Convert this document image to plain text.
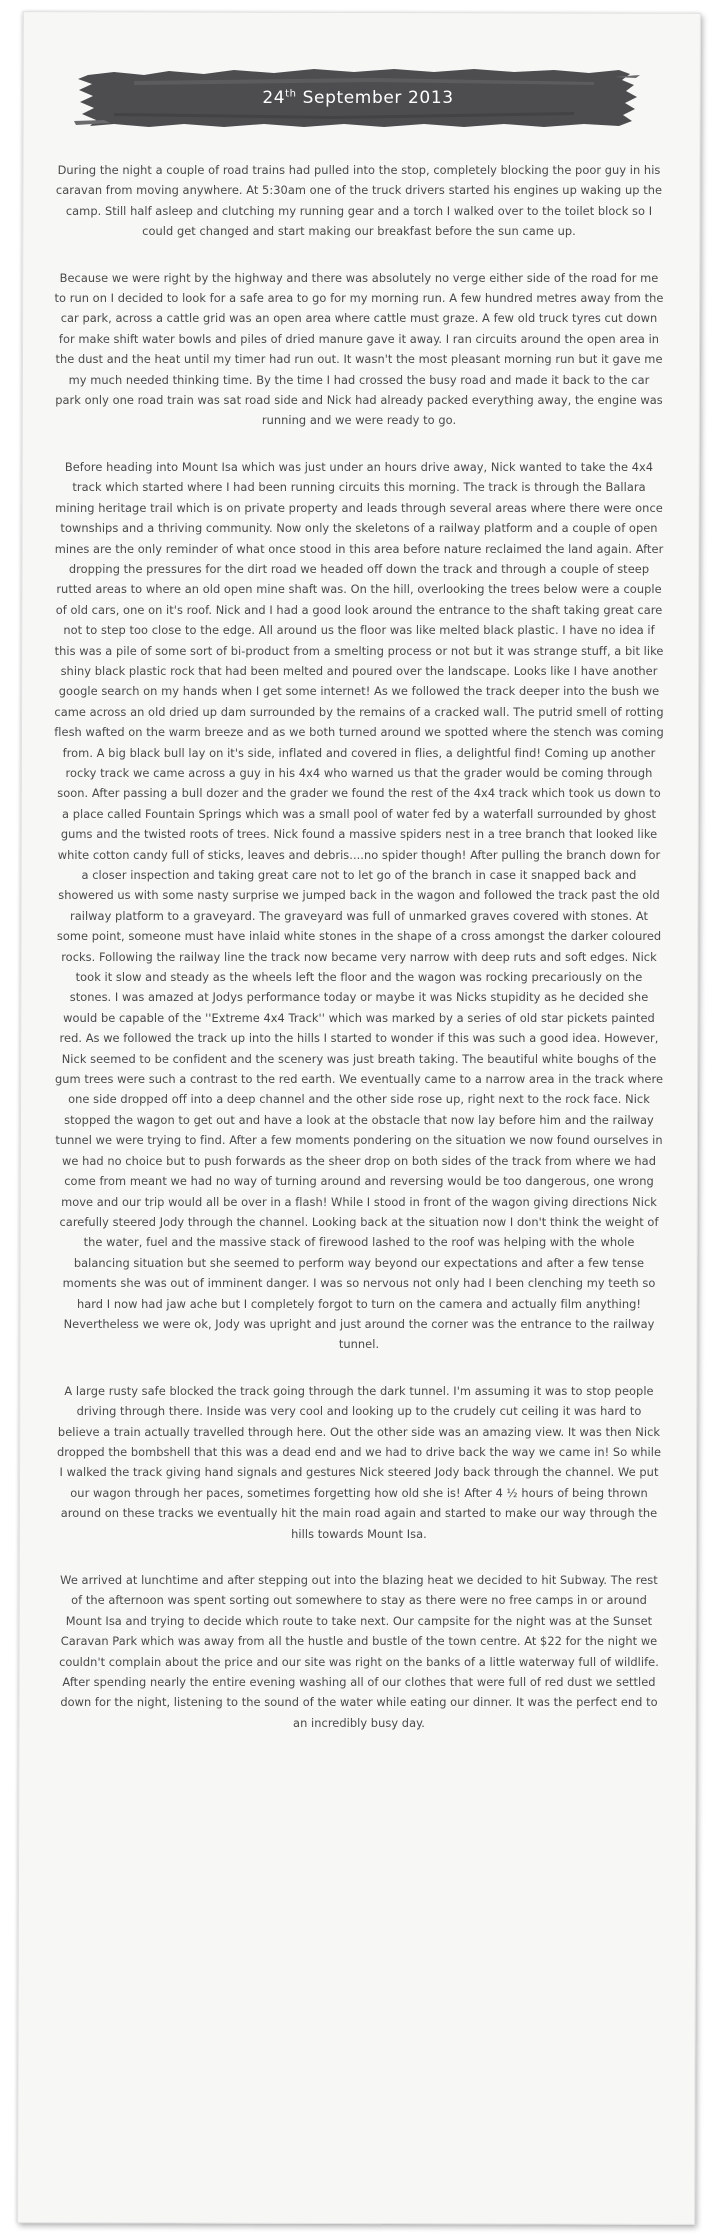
24th September 2013

During the night a couple of road trains had pulled into the stop, completely blocking the poor guy in his caravan from moving anywhere. At 5:30am one of the truck drivers started his engines up waking up the camp. Still half asleep and clutching my running gear and a torch I walked over to the toilet block so I could get changed and start making our breakfast before the sun came up.

Because we were right by the highway and there was absolutely no verge either side of the road for me to run on I decided to look for a safe area to go for my morning run. A few hundred metres away from the car park, across a cattle grid was an open area where cattle must graze. A few old truck tyres cut down for make shift water bowls and piles of dried manure gave it away. I ran circuits around the open area in the dust and the heat until my timer had run out. It wasn't the most pleasant morning run but it gave me my much needed thinking time. By the time I had crossed the busy road and made it back to the car park only one road train was sat road side and Nick had already packed everything away, the engine was running and we were ready to go.

Before heading into Mount Isa which was just under an hours drive away, Nick wanted to take the 4x4 track which started where I had been running circuits this morning. The track is through the Ballara mining heritage trail which is on private property and leads through several areas where there were once townships and a thriving community. Now only the skeletons of a railway platform and a couple of open mines are the only reminder of what once stood in this area before nature reclaimed the land again. After dropping the pressures for the dirt road we headed off down the track and through a couple of steep rutted areas to where an old open mine shaft was. On the hill, overlooking the trees below were a couple of old cars, one on it's roof. Nick and I had a good look around the entrance to the shaft taking great care not to step too close to the edge. All around us the floor was like melted black plastic. I have no idea if this was a pile of some sort of bi-product from a smelting process or not but it was strange stuff, a bit like shiny black plastic rock that had been melted and poured over the landscape. Looks like I have another google search on my hands when I get some internet! As we followed the track deeper into the bush we came across an old dried up dam surrounded by the remains of a cracked wall. The putrid smell of rotting flesh wafted on the warm breeze and as we both turned around we spotted where the stench was coming from. A big black bull lay on it's side, inflated and covered in flies, a delightful find! Coming up another rocky track we came across a guy in his 4x4 who warned us that the grader would be coming through soon. After passing a bull dozer and the grader we found the rest of the 4x4 track which took us down to a place called Fountain Springs which was a small pool of water fed by a waterfall surrounded by ghost gums and the twisted roots of trees. Nick found a massive spiders nest in a tree branch that looked like white cotton candy full of sticks, leaves and debris....no spider though! After pulling the branch down for a closer inspection and taking great care not to let go of the branch in case it snapped back and showered us with some nasty surprise we jumped back in the wagon and followed the track past the old railway platform to a graveyard. The graveyard was full of unmarked graves covered with stones. At some point, someone must have inlaid white stones in the shape of a cross amongst the darker coloured rocks. Following the railway line the track now became very narrow with deep ruts and soft edges. Nick took it slow and steady as the wheels left the floor and the wagon was rocking precariously on the stones. I was amazed at Jodys performance today or maybe it was Nicks stupidity as he decided she would be capable of the ''Extreme 4x4 Track'' which was marked by a series of old star pickets painted red. As we followed the track up into the hills I started to wonder if this was such a good idea. However, Nick seemed to be confident and the scenery was just breath taking. The beautiful white boughs of the gum trees were such a contrast to the red earth. We eventually came to a narrow area in the track where one side dropped off into a deep channel and the other side rose up, right next to the rock face. Nick stopped the wagon to get out and have a look at the obstacle that now lay before him and the railway tunnel we were trying to find. After a few moments pondering on the situation we now found ourselves in we had no choice but to push forwards as the sheer drop on both sides of the track from where we had come from meant we had no way of turning around and reversing would be too dangerous, one wrong move and our trip would all be over in a flash! While I stood in front of the wagon giving directions Nick carefully steered Jody through the channel. Looking back at the situation now I don't think the weight of the water, fuel and the massive stack of firewood lashed to the roof was helping with the whole balancing situation but she seemed to perform way beyond our expectations and after a few tense moments she was out of imminent danger. I was so nervous not only had I been clenching my teeth so hard I now had jaw ache but I completely forgot to turn on the camera and actually film anything! Nevertheless we were ok, Jody was upright and just around the corner was the entrance to the railway tunnel.

A large rusty safe blocked the track going through the dark tunnel. I'm assuming it was to stop people driving through there. Inside was very cool and looking up to the crudely cut ceiling it was hard to believe a train actually travelled through here. Out the other side was an amazing view. It was then Nick dropped the bombshell that this was a dead end and we had to drive back the way we came in! So while I walked the track giving hand signals and gestures Nick steered Jody back through the channel. We put our wagon through her paces, sometimes forgetting how old she is! After 4 ½ hours of being thrown around on these tracks we eventually hit the main road again and started to make our way through the hills towards Mount Isa.

We arrived at lunchtime and after stepping out into the blazing heat we decided to hit Subway. The rest of the afternoon was spent sorting out somewhere to stay as there were no free camps in or around Mount Isa and trying to decide which route to take next. Our campsite for the night was at the Sunset Caravan Park which was away from all the hustle and bustle of the town centre. At $22 for the night we couldn't complain about the price and our site was right on the banks of a little waterway full of wildlife. After spending nearly the entire evening washing all of our clothes that were full of red dust we settled down for the night, listening to the sound of the water while eating our dinner. It was the perfect end to an incredibly busy day.
